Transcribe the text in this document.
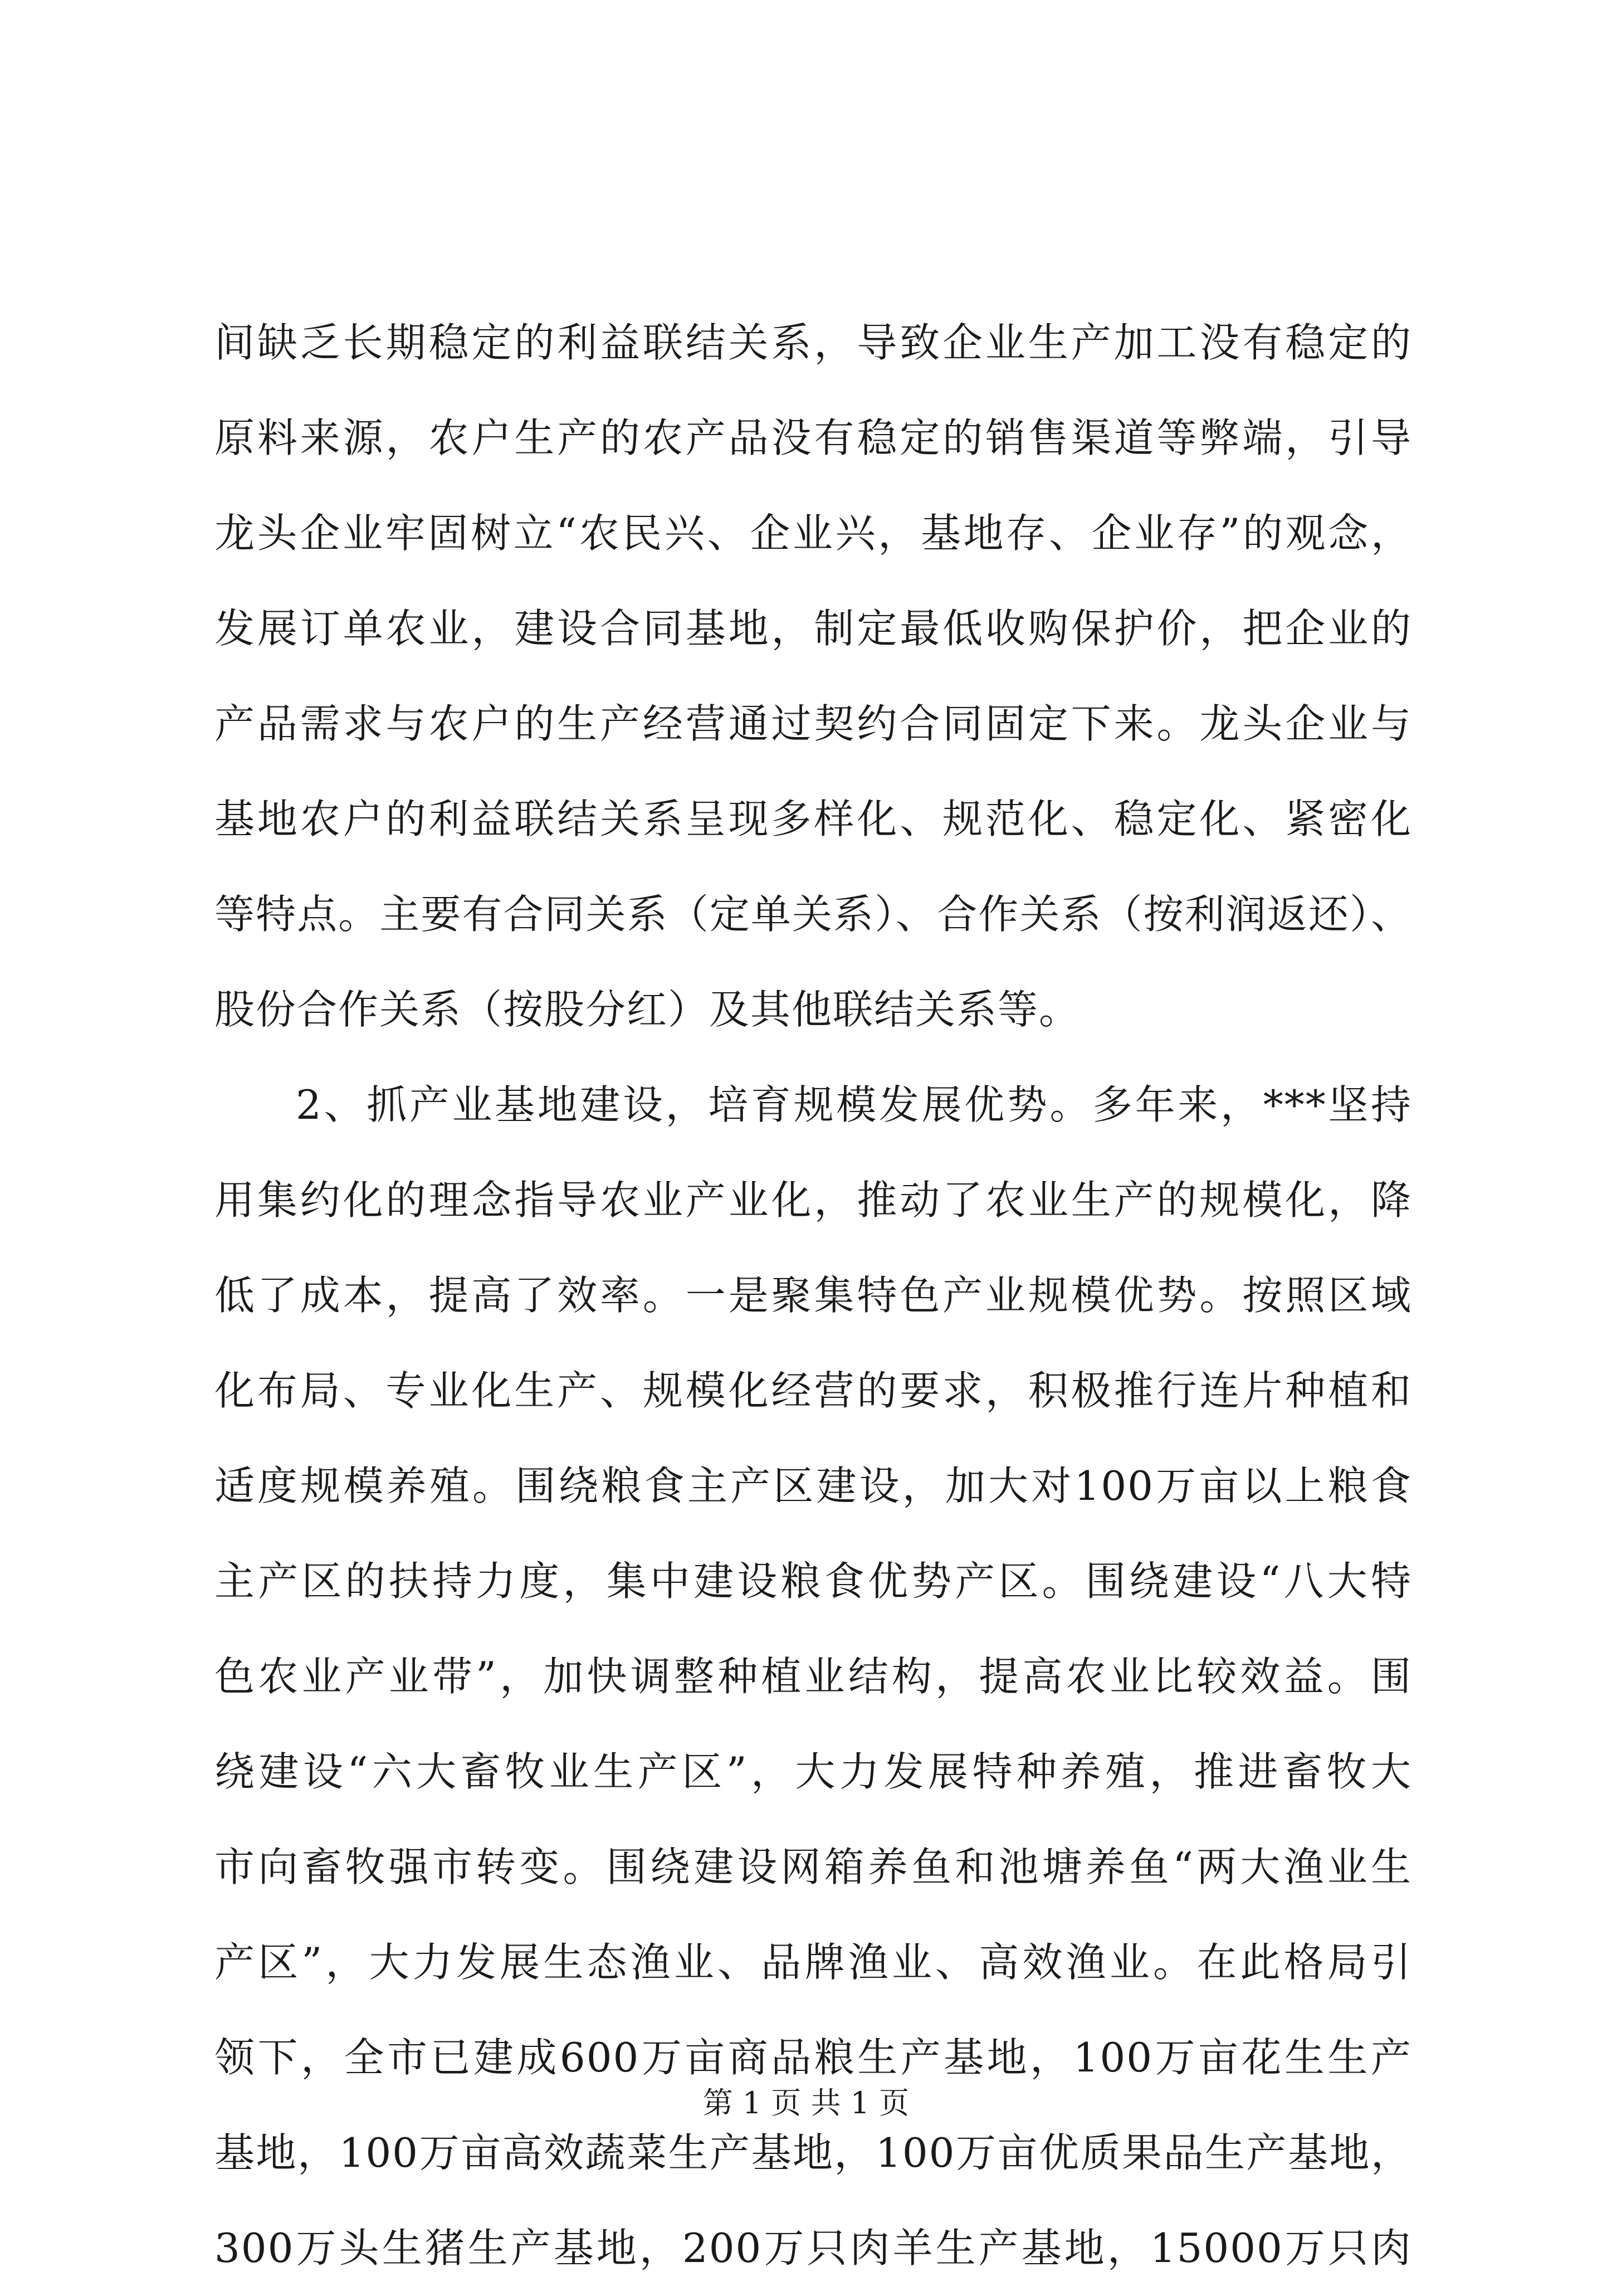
间缺乏长期稳定的利益联结关系，导致企业生产加工没有稳定的
原料来源，农户生产的农产品没有稳定的销售渠道等弊端，引导
龙头企业牢固树立“农民兴、企业兴，基地存、企业存”的观念，
发展订单农业，建设合同基地，制定最低收购保护价，把企业的
产品需求与农户的生产经营通过契约合同固定下来。龙头企业与
基地农户的利益联结关系呈现多样化、规范化、稳定化、紧密化
等特点。主要有合同关系（定单关系）、合作关系（按利润返还）、
股份合作关系（按股分红）及其他联结关系等。
2、抓产业基地建设，培育规模发展优势。多年来，***坚持
用集约化的理念指导农业产业化，推动了农业生产的规模化，降
低了成本，提高了效率。一是聚集特色产业规模优势。按照区域
化布局、专业化生产、规模化经营的要求，积极推行连片种植和
适度规模养殖。围绕粮食主产区建设，加大对100万亩以上粮食
主产区的扶持力度，集中建设粮食优势产区。围绕建设“八大特
色农业产业带”，加快调整种植业结构，提高农业比较效益。围
绕建设“六大畜牧业生产区”，大力发展特种养殖，推进畜牧大
市向畜牧强市转变。围绕建设网箱养鱼和池塘养鱼“两大渔业生
产区”，大力发展生态渔业、品牌渔业、高效渔业。在此格局引
领下，全市已建成600万亩商品粮生产基地，100万亩花生生产
基地，100万亩高效蔬菜生产基地，100万亩优质果品生产基地，
300万头生猪生产基地，200万只肉羊生产基地，15000万只肉
第 1 页 共 1 页
